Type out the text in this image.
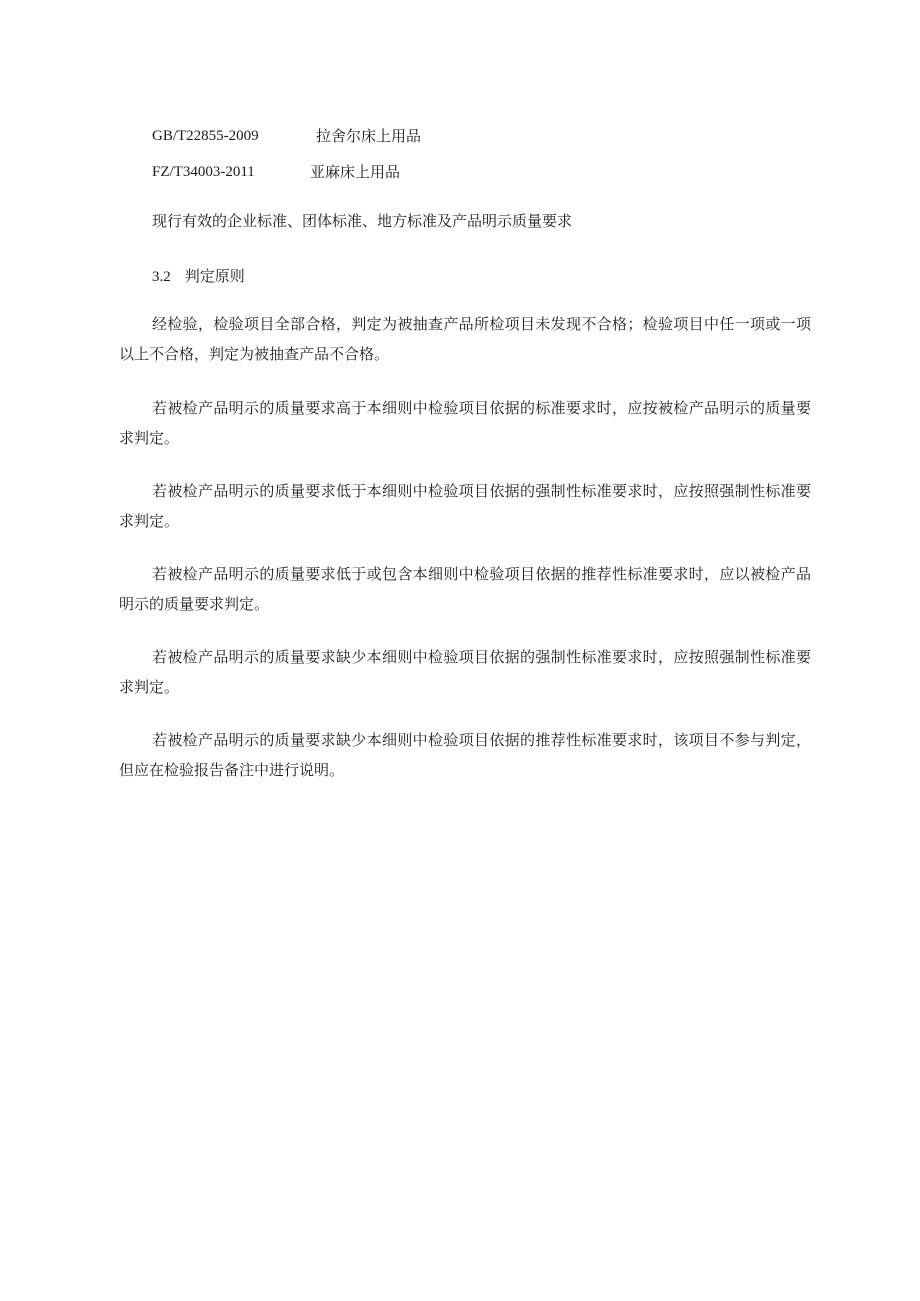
GB/T22855-2009	拉舍尔床上用品
FZ/​T34003-2011	亚麻床上用品
现行有效的企业标准、团体标准、地方标准及产品明示质量要求
3.2 判定原则

经检验，检验项目全部合格，判定为被抽查产品所检项目未发现不合格；检验项目中任一项或一项以上不合格，判定为被抽查产品不合格。

若被检产品明示的质量要求高于本细则中检验项目依据的标准要求时，应按被检产品明示的质量要求判定。

若被检产品明示的质量要求低于本细则中检验项目依据的强制性标准要求时，应按照强制性标准要求判定。

若被检产品明示的质量要求低于或包含本细则中检验项目依据的推荐性标准要求时，应以被检产品明示的质量要求判定。

若被检产品明示的质量要求缺少本细则中检验项目依据的强制性标准要求时，应按照强制性标准要求判定。

若被检产品明示的质量要求缺少本细则中检验项目依据的推荐性标准要求时，该项目不参与判定，但应在检验报告备注中进行说明。
